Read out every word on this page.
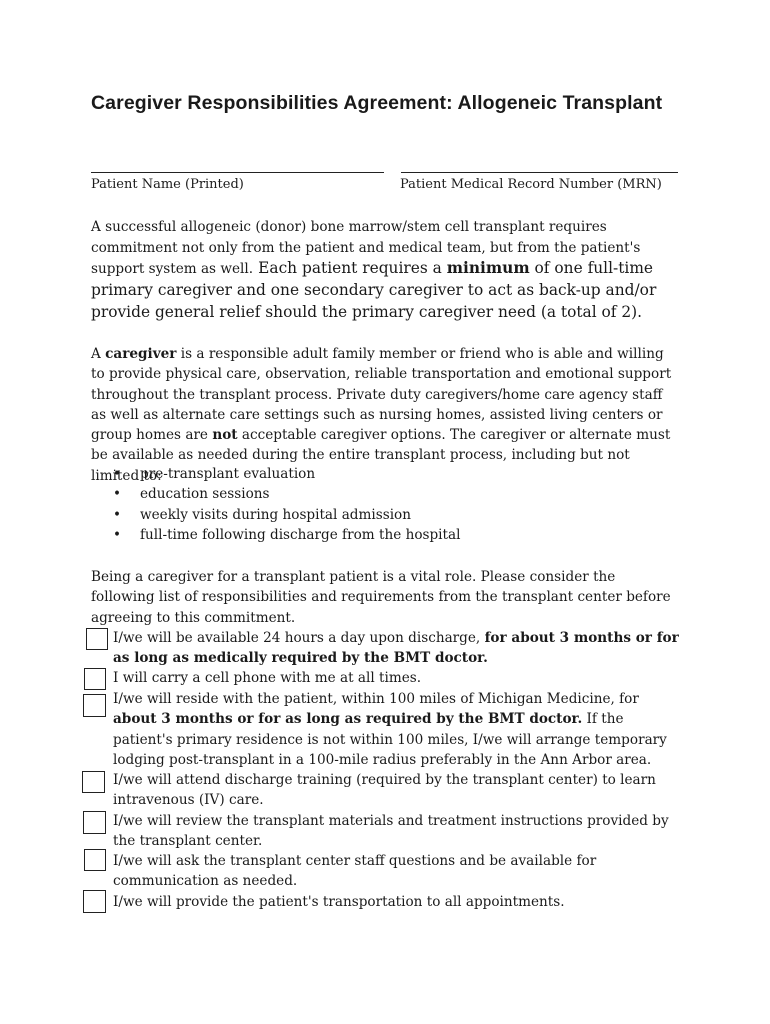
Caregiver Responsibilities Agreement: Allogeneic Transplant
Patient Name (Printed)	Patient Medical Record Number (MRN)

A successful allogeneic (donor) bone marrow/stem cell transplant requires commitment not only from the patient and medical team, but from the patient's support system as well. Each patient requires a minimum of one full-time primary caregiver and one secondary caregiver to act as back-up and/or provide general relief should the primary caregiver need (a total of 2).

A caregiver is a responsible adult family member or friend who is able and willing to provide physical care, observation, reliable transportation and emotional support throughout the transplant process. Private duty caregivers/home care agency staff as well as alternate care settings such as nursing homes, assisted living centers or group homes are not acceptable caregiver options. The caregiver or alternate must be available as needed during the entire transplant process, including but not limited to:

• pre-transplant evaluation
• education sessions
• weekly visits during hospital admission
• full-time following discharge from the hospital

Being a caregiver for a transplant patient is a vital role. Please consider the following list of responsibilities and requirements from the transplant center before agreeing to this commitment.

I/we will be available 24 hours a day upon discharge, for about 3 months or for as long as medically required by the BMT doctor.
I will carry a cell phone with me at all times.
I/we will reside with the patient, within 100 miles of Michigan Medicine, for about 3 months or for as long as required by the BMT doctor. If the patient's primary residence is not within 100 miles, I/we will arrange temporary lodging post-transplant in a 100-mile radius preferably in the Ann Arbor area.
I/we will attend discharge training (required by the transplant center) to learn intravenous (IV) care.
I/we will review the transplant materials and treatment instructions provided by the transplant center.
I/we will ask the transplant center staff questions and be available for communication as needed.
I/we will provide the patient's transportation to all appointments.
